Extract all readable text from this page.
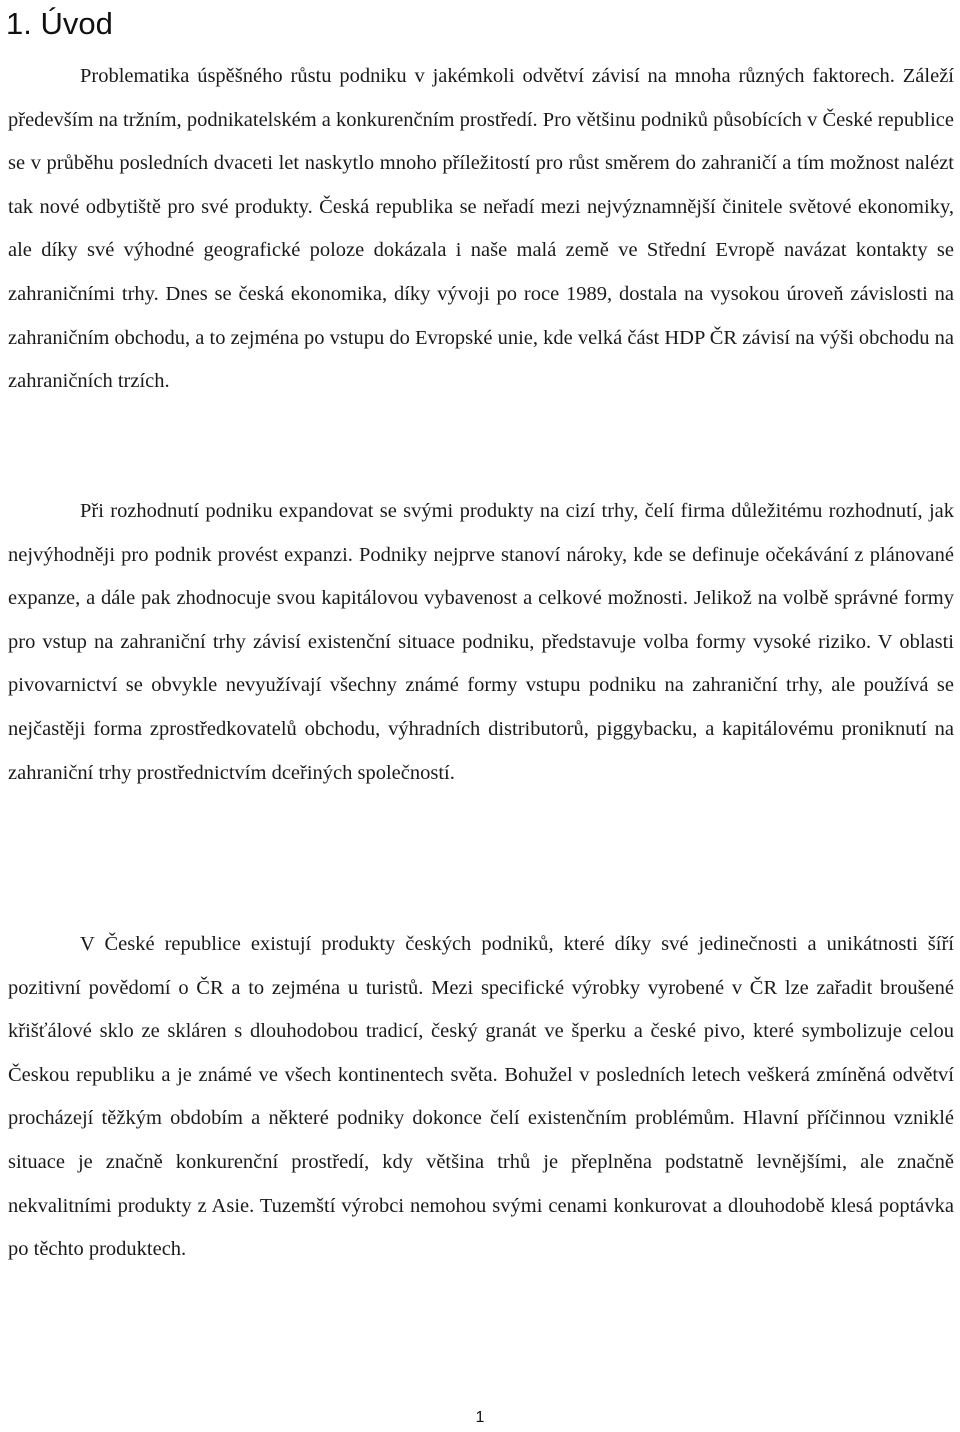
1. Úvod

Problematika úspěšného růstu podniku v jakémkoli odvětví závisí na mnoha různých faktorech. Záleží především na tržním, podnikatelském a konkurenčním prostředí. Pro většinu podniků působících v České republice se v průběhu posledních dvaceti let naskytlo mnoho příležitostí pro růst směrem do zahraničí a tím možnost nalézt tak nové odbytiště pro své produkty. Česká republika se neřadí mezi nejvýznamnější činitele světové ekonomiky, ale díky své výhodné geografické poloze dokázala i naše malá země ve Střední Evropě navázat kontakty se zahraničními trhy. Dnes se česká ekonomika, díky vývoji po roce 1989, dostala na vysokou úroveň závislosti na zahraničním obchodu, a to zejména po vstupu do Evropské unie, kde velká část HDP ČR závisí na výši obchodu na zahraničních trzích.

Při rozhodnutí podniku expandovat se svými produkty na cizí trhy, čelí firma důležitému rozhodnutí, jak nejvýhodněji pro podnik provést expanzi. Podniky nejprve stanoví nároky, kde se definuje očekávání z plánované expanze, a dále pak zhodnocuje svou kapitálovou vybavenost a celkové možnosti. Jelikož na volbě správné formy pro vstup na zahraniční trhy závisí existenční situace podniku, představuje volba formy vysoké riziko. V oblasti pivovarnictví se obvykle nevyužívají všechny známé formy vstupu podniku na zahraniční trhy, ale používá se nejčastěji forma zprostředkovatelů obchodu, výhradních distributorů, piggybacku, a kapitálovému proniknutí na zahraniční trhy prostřednictvím dceřiných společností.

V České republice existují produkty českých podniků, které díky své jedinečnosti a unikátnosti šíří pozitivní povědomí o ČR a to zejména u turistů. Mezi specifické výrobky vyrobené v ČR lze zařadit broušené křišťálové sklo ze skláren s dlouhodobou tradicí, český granát ve šperku a české pivo, které symbolizuje celou Českou republiku a je známé ve všech kontinentech světa. Bohužel v posledních letech veškerá zmíněná odvětví procházejí těžkým obdobím a některé podniky dokonce čelí existenčním problémům. Hlavní příčinnou vzniklé situace je značně konkurenční prostředí, kdy většina trhů je přeplněna podstatně levnějšími, ale značně nekvalitními produkty z Asie. Tuzemští výrobci nemohou svými cenami konkurovat a dlouhodobě klesá poptávka po těchto produktech.

1
